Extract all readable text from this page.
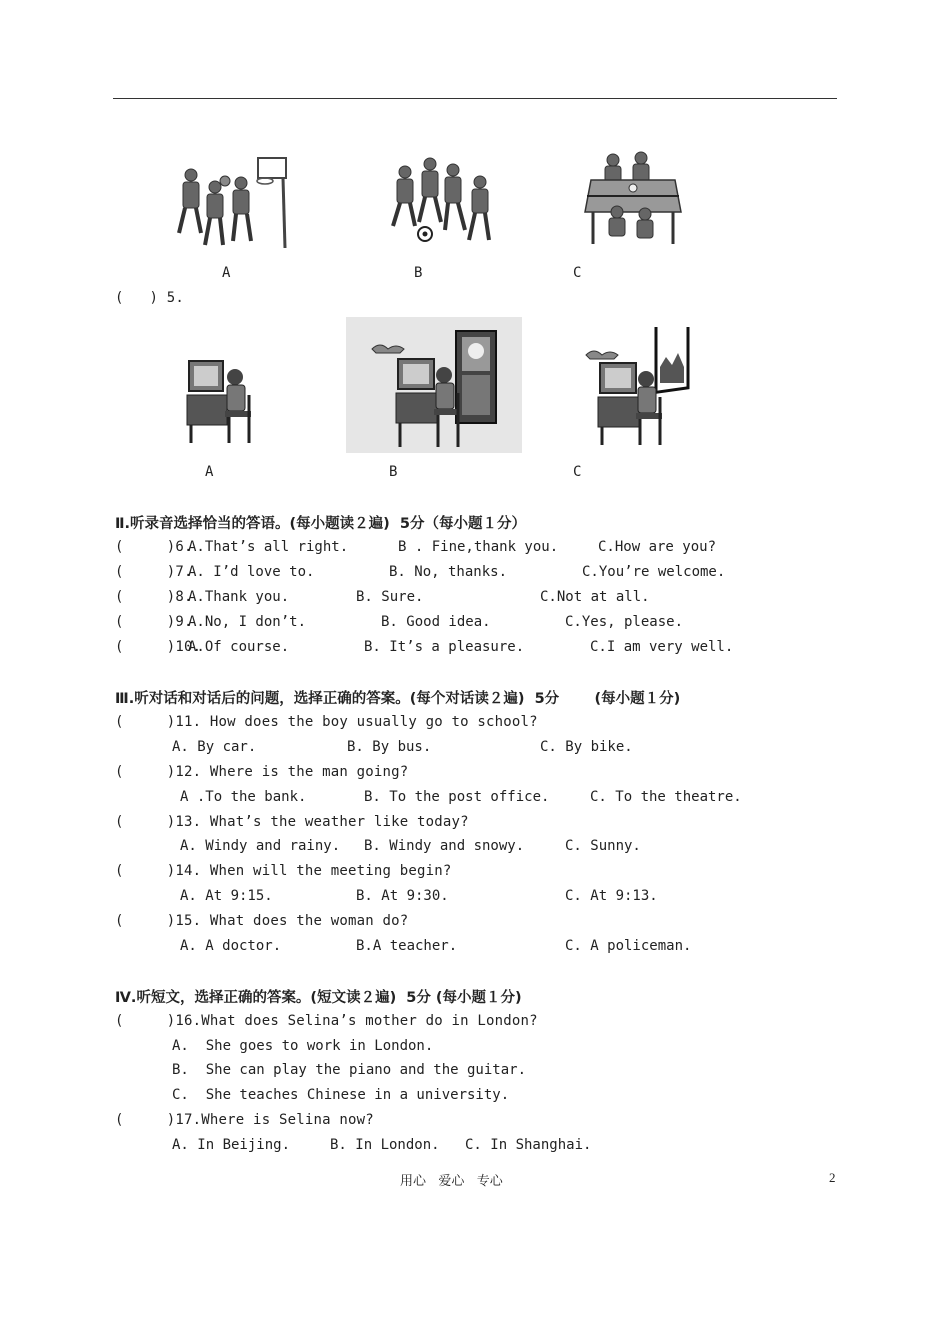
A	B	C
(   ) 5.
A	B	C
Ⅱ.听录音选择恰当的答语。(每小题读２遍)  5分（每小题１分）
(     )6.
A.That’s all right.	B . Fine,thank you.	C.How are you?
(     )7.
A. I’d love to.	B. No, thanks.	C.You’re welcome.
(     )8.
A.Thank you.	B. Sure.	C.Not at all.
(     )9.
A.No, I don’t.	B. Good idea.	C.Yes, please.
(     )10.
A.Of course.	B. It’s a pleasure.	C.I am very well.
Ⅲ.听对话和对话后的问题，选择正确的答案。(每个对话读２遍)  5分       (每小题１分)
(     )11. How does the boy usually go to school?
A. By car.	B. By bus.	C. By bike.
(     )12. Where is the man going?
A .To the bank.	B. To the post office.	C. To the theatre.
(     )13. What’s the weather like today?
A. Windy and rainy. B. Windy and snowy.	C. Sunny.
(     )14. When will the meeting begin?
A. At 9:15.	B. At 9:30.	C. At 9:13.
(     )15. What does the woman do?
A. A doctor.	B.A teacher.	C. A policeman.
Ⅳ.听短文，选择正确的答案。(短文读２遍)  5分 (每小题１分)
(     )16.What does Selina’s mother do in London?
A.  She goes to work in London.
B.  She can play the piano and the guitar.
C.  She teaches Chinese in a university.
(     )17.Where is Selina now?
A. In Beijing.	B. In London. C. In Shanghai.
用心   爱心   专心	2
